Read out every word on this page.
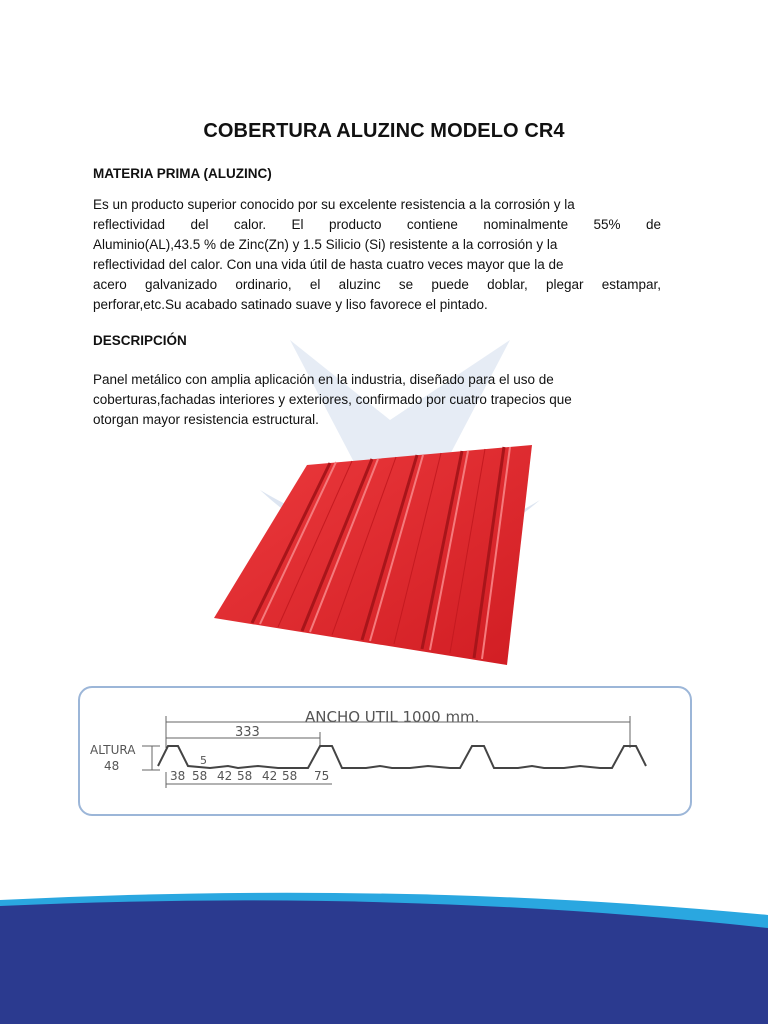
COBERTURA ALUZINC MODELO CR4
MATERIA PRIMA (ALUZINC)
Es un producto superior conocido por su excelente resistencia a la corrosión y la
reflectividad del calor. El producto contiene nominalmente 55% de
Aluminio(AL),43.5 % de Zinc(Zn) y 1.5 Silicio (Si) resistente a la corrosión y la
reflectividad del calor. Con una vida útil de hasta cuatro veces mayor que la de
acero galvanizado ordinario, el aluzinc se puede doblar, plegar estampar,
perforar,etc.Su acabado satinado suave y liso favorece el pintado.
DESCRIPCIÓN
Panel metálico con amplia aplicación en la industria, diseñado para el uso de
coberturas,fachadas interiores y exteriores, confirmado por cuatro trapecios que
otorgan mayor resistencia estructural.
ANCHO UTIL 1000 mm.
333
ALTURA
48	5
38 58 42 58 42 58 75
